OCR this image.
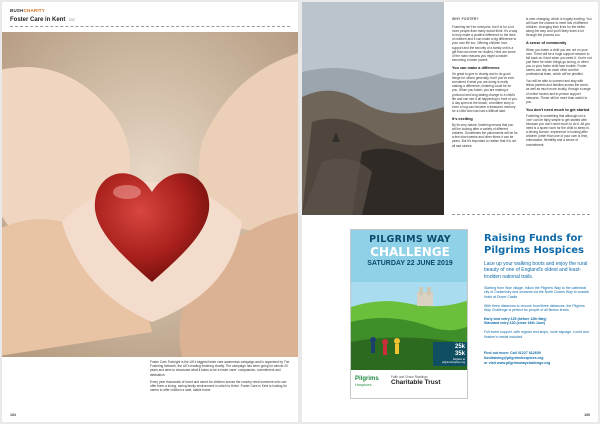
BUSHCHARITY
Foster Care in Kent CIC

Foster Care Fortnight is the UK's biggest foster care awareness campaign and is organised by The Fostering Network, the UK's leading fostering charity. The campaign has been going for almost 20 years and aims to showcase what it takes to be a foster carer: compassion, commitment and dedication.

Every year thousands of loved and cared-for children across the country need someone who can offer them a loving, caring family environment in which to thrive. Foster Care in Kent is looking for carers to offer children a safe, stable home.

164
WHY FOSTER?

Fostering isn't for everyone, but it is for a lot more people than many would think. It's a way to truly make a positive difference to the lives of children and it can make a big difference to your own life too. Offering children love, support and the security of a family unit is a gift that can never be rivalled. Here are some of the main reasons you might consider becoming a foster parent.

You can make a difference

It's great to give to charity and to do good things for others generally, but if you've ever wondered if what you are doing is really making a difference, fostering could be for you. When you foster, you are making a profound and long lasting change to a child's life and can see it all happening in front of you. A day spent at the beach, a bedtime story or even a hug can become a treasured memory for a child who has had a difficult start.

It's exciting

By its very nature, fostering means that you will be looking after a variety of different children. Sometimes the placements will be for a few short weeks and other times it can be years. But it's important to realise that it is not all sad stories.

is ever-changing, which is hugely exciting. You will have the chance to meet lots of different children, changing their lives for the better along the way. And you'll likely learn a lot through the process too.

A sense of community

When you foster a child you are not on your own. There will be a huge support network to fall back on if and when you need it. You're not just there for when things go wrong, or when you or your foster child face trouble. Foster carers can rely on each other and the professional team, which will be plentiful.

You will be able to connect and stay with fellow parents and families across the world, as well as much more locally, through a range of online forums and in-person support networks. These will be more than useful to you.

You don't need much to get started

Fostering is something that although not a 'one' can be fairly simple to get started with because you don't need much to do it. All you need is a spare room for the child to sleep in, a driving licence, experience in looking after children (other than one of your own is fine), enthusiasm, flexibility and a sense of commitment.

PILGRIMS WAY
CHALLENGE
SATURDAY 22 JUNE 2019
25k
35k
Register at pilgrimshospices.org
Pilgrims
Hospices
Faith and Grace Rawlings
Charitable Trust
Raising Funds for Pilgrims Hospices
Lace up your walking boots and enjoy the rural beauty of one of England's oldest and least-trodden national trails.

Starting from Wye village, follow the Pilgrims Way to the cathedral city of Canterbury and onwards via the North Downs Way to coastal finish at Dover Castle.

With three distances to choose from/three distances, the Pilgrims Way Challenge is perfect for people of all fitness levels.

Early bird entry £25 (before 12th May)
Standard entry £30 (close 16th June)

Full event support, with regular rest stops, route signage, t-shirt and finisher's medal included.

Find out more: Call 01227 812609
fundraising@pilgrimshospices.org
or visit www.pilgrimswaychallenge.org
165
